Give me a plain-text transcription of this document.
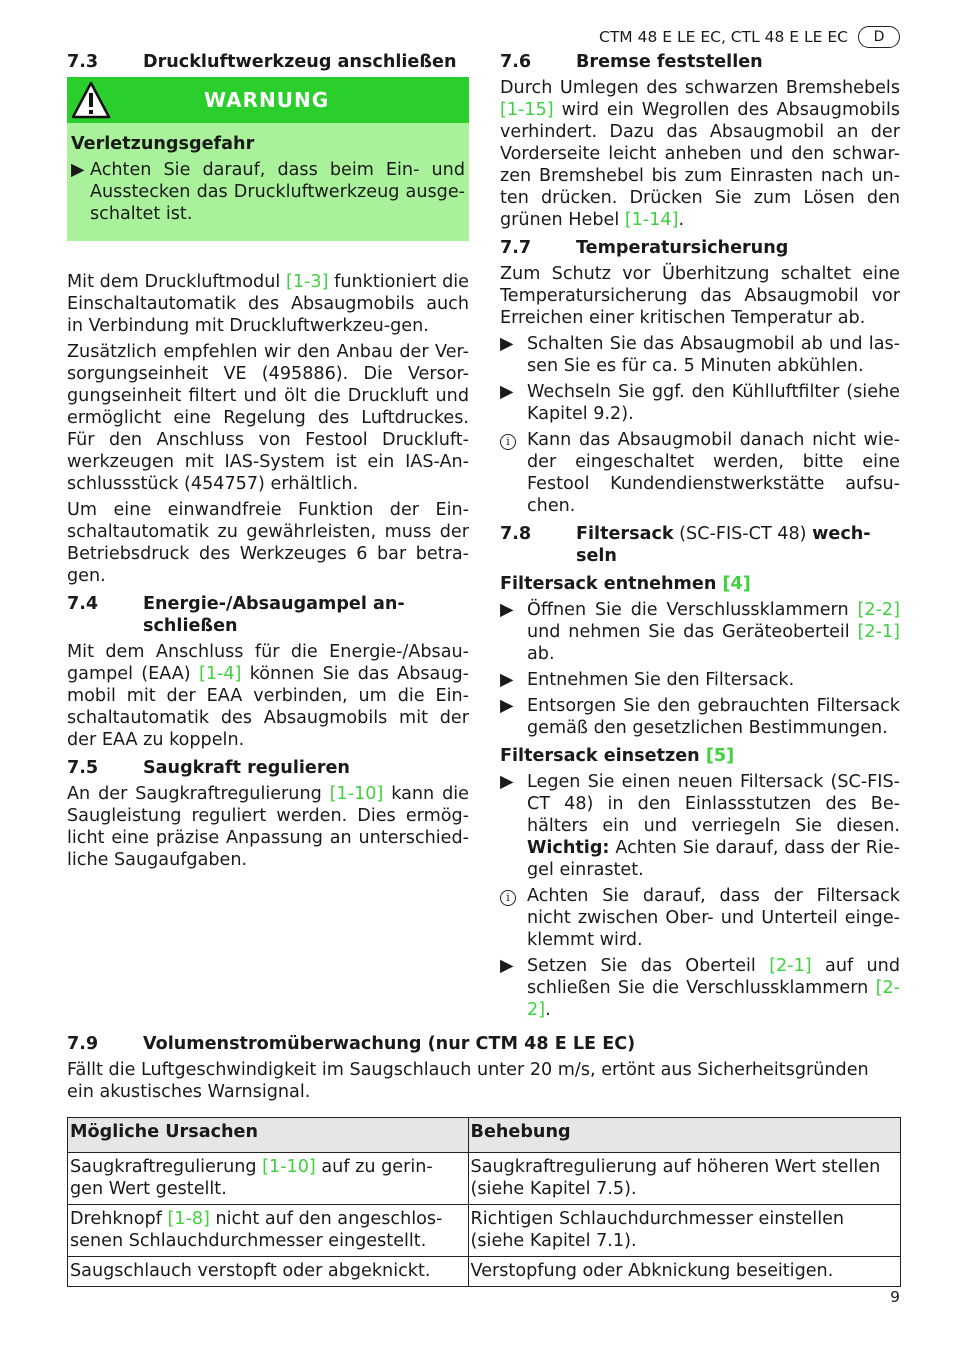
CTM 48 E LE EC, CTL 48 E LE EC	D
7.3	Druckluftwerkzeug anschließen
WARNUNG
Verletzungsgefahr
▶ Achten Sie darauf, dass beim Ein- und Ausstecken das Druckluftwerkzeug ausge-schaltet ist.

Mit dem Druckluftmodul [1-3] funktioniert die Einschaltautomatik des Absaugmobils auch in Verbindung mit Druckluftwerkzeu-gen.

Zusätzlich empfehlen wir den Anbau der Ver-sorgungseinheit VE (495886). Die Versor-gungseinheit filtert und ölt die Druckluft und ermöglicht eine Regelung des Luftdruckes. Für den Anschluss von Festool Druckluft-werkzeugen mit IAS-System ist ein IAS-An-schlussstück (454757) erhältlich.

Um eine einwandfreie Funktion der Ein-schaltautomatik zu gewährleisten, muss der Betriebsdruck des Werkzeuges 6 bar betra-gen.

7.4	Energie-/Absaugampel an-schließen

Mit dem Anschluss für die Energie-/Absau-gampel (EAA) [1-4] können Sie das Absaug-mobil mit der EAA verbinden, um die Ein-schaltautomatik des Absaugmobils mit der der EAA zu koppeln.

7.5	Saugkraft regulieren

An der Saugkraftregulierung [1-10] kann die Saugleistung reguliert werden. Dies ermög-licht eine präzise Anpassung an unterschied-liche Saugaufgaben.

7.6	Bremse feststellen

Durch Umlegen des schwarzen Bremshebels [1-15] wird ein Wegrollen des Absaugmobils verhindert. Dazu das Absaugmobil an der Vorderseite leicht anheben und den schwar-zen Bremshebel bis zum Einrasten nach un-ten drücken. Drücken Sie zum Lösen den grünen Hebel [1-14].

7.7	Temperatursicherung

Zum Schutz vor Überhitzung schaltet eine Temperatursicherung das Absaugmobil vor Erreichen einer kritischen Temperatur ab.

▶ Schalten Sie das Absaugmobil ab und las-sen Sie es für ca. 5 Minuten abkühlen.
▶ Wechseln Sie ggf. den Kühlluftfilter (siehe Kapitel 9.2).
i Kann das Absaugmobil danach nicht wie-der eingeschaltet werden, bitte eine Festool Kundendienstwerkstätte aufsu-chen.
7.8	Filtersack (SC-FIS-CT 48) wech-seln
Filtersack entnehmen [4]
▶ Öffnen Sie die Verschlussklammern [2-2] und nehmen Sie das Geräteoberteil [2-1] ab.
▶ Entnehmen Sie den Filtersack.
▶ Entsorgen Sie den gebrauchten Filtersack gemäß den gesetzlichen Bestimmungen.
Filtersack einsetzen [5]
▶ Legen Sie einen neuen Filtersack (SC-FIS-CT 48) in den Einlassstutzen des Be-hälters ein und verriegeln Sie diesen. Wichtig: Achten Sie darauf, dass der Rie-gel einrastet.
i Achten Sie darauf, dass der Filtersack nicht zwischen Ober- und Unterteil einge-klemmt wird.
▶ Setzen Sie das Oberteil [2-1] auf und schließen Sie die Verschlussklammern [2-2].
7.9	Volumenstromüberwachung (nur CTM 48 E LE EC)

Fällt die Luftgeschwindigkeit im Saugschlauch unter 20 m/s, ertönt aus Sicherheitsgründen ein akustisches Warnsignal.

Mögliche Ursachen	Behebung
Saugkraftregulierung [1-10] auf zu gerin-gen Wert gestellt.	Saugkraftregulierung auf höheren Wert stellen (siehe Kapitel 7.5).
Drehknopf [1-8] nicht auf den angeschlos-senen Schlauchdurchmesser eingestellt.	Richtigen Schlauchdurchmesser einstellen (siehe Kapitel 7.1).
Saugschlauch verstopft oder abgeknickt.	Verstopfung oder Abknickung beseitigen.
9
